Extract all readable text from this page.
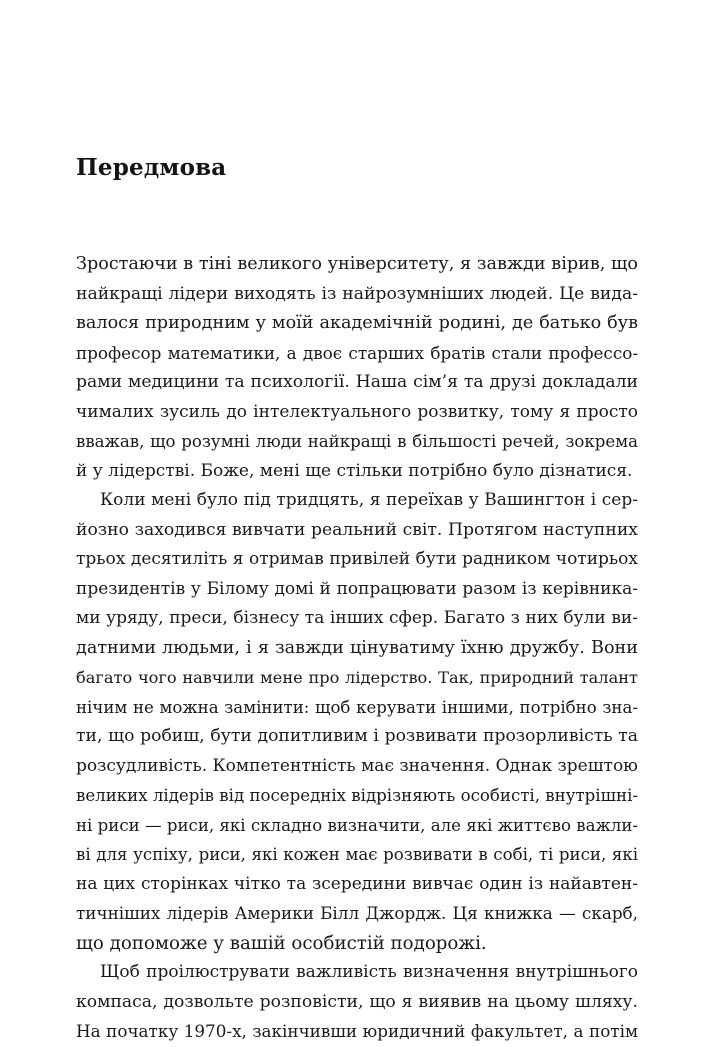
Передмова
Зростаючи в тіні великого університету, я завжди вірив, що
найкращі лідери виходять із найрозумніших людей. Це вида-
валося природним у моїй академічній родині, де батько був
професор математики, а двоє старших братів стали профессо-
рами медицини та психології. Наша сім’я та друзі докладали
чималих зусиль до інтелектуального розвитку, тому я просто
вважав, що розумні люди найкращі в більшості речей, зокрема
й у лідерстві. Боже, мені ще стільки потрібно було дізнатися.
Коли мені було під тридцять, я переїхав у Вашингтон і сер-
йозно заходився вивчати реальний світ. Протягом наступних
трьох десятиліть я отримав привілей бути радником чотирьох
президентів у Білому домі й попрацювати разом із керівника-
ми уряду, преси, бізнесу та інших сфер. Багато з них були ви-
датними людьми, і я завжди цінуватиму їхню дружбу. Вони
багато чого навчили мене про лідерство. Так, природний талант
нічим не можна замінити: щоб керувати іншими, потрібно зна-
ти, що робиш, бути допитливим і розвивати прозорливість та
розсудливість. Компетентність має значення. Однак зрештою
великих лідерів від посередніх відрізняють особисті, внутрішні-
ні риси — риси, які складно визначити, але які життєво важли-
ві для успіху, риси, які кожен має розвивати в собі, ті риси, які
на цих сторінках чітко та зсередини вивчає один із найавтен-
тичніших лідерів Америки Білл Джордж. Ця книжка — скарб,
що допоможе у вашій особистій подорожі.
Щоб проілюструвати важливість визначення внутрішнього
компаса, дозвольте розповісти, що я виявив на цьому шляху.
На початку 1970-х, закінчивши юридичний факультет, а потім
